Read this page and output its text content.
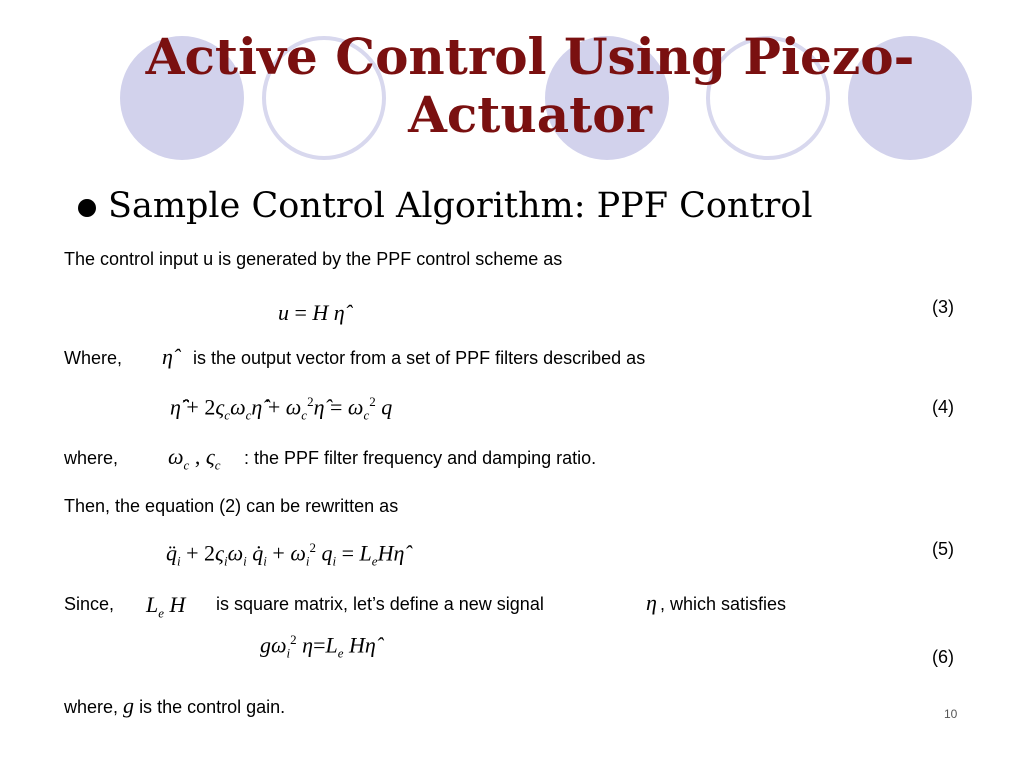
Active Control Using Piezo-Actuator
Sample Control Algorithm: PPF Control
The control input u is generated by the PPF control scheme as
u = H η̂	(3)
Where, η̂ is the output vector from a set of PPF filters described as
η̈̂ + $2\varsigma_c\omega_c\etȧ̂$ + $\omega_c^2\etâ = \omega_c^2$ q	(4)
where, $\omega_c$ , $\varsigma_c$ : the PPF filter frequency and damping ratio.
Then, the equation (2) can be rewritten as
$q̈_i + 2\varsigma_i\omega_i$ $q̇_i + \omega_i^2$ $q_i$ = $L_eH\etâ$	(5)
Since, $L_e$ H is square matrix, let’s define a new signal	η , which satisfies
$g\omega_i^2$ $\eta=L_e$ Hη̂	(6)
where, g is the control gain.	10
